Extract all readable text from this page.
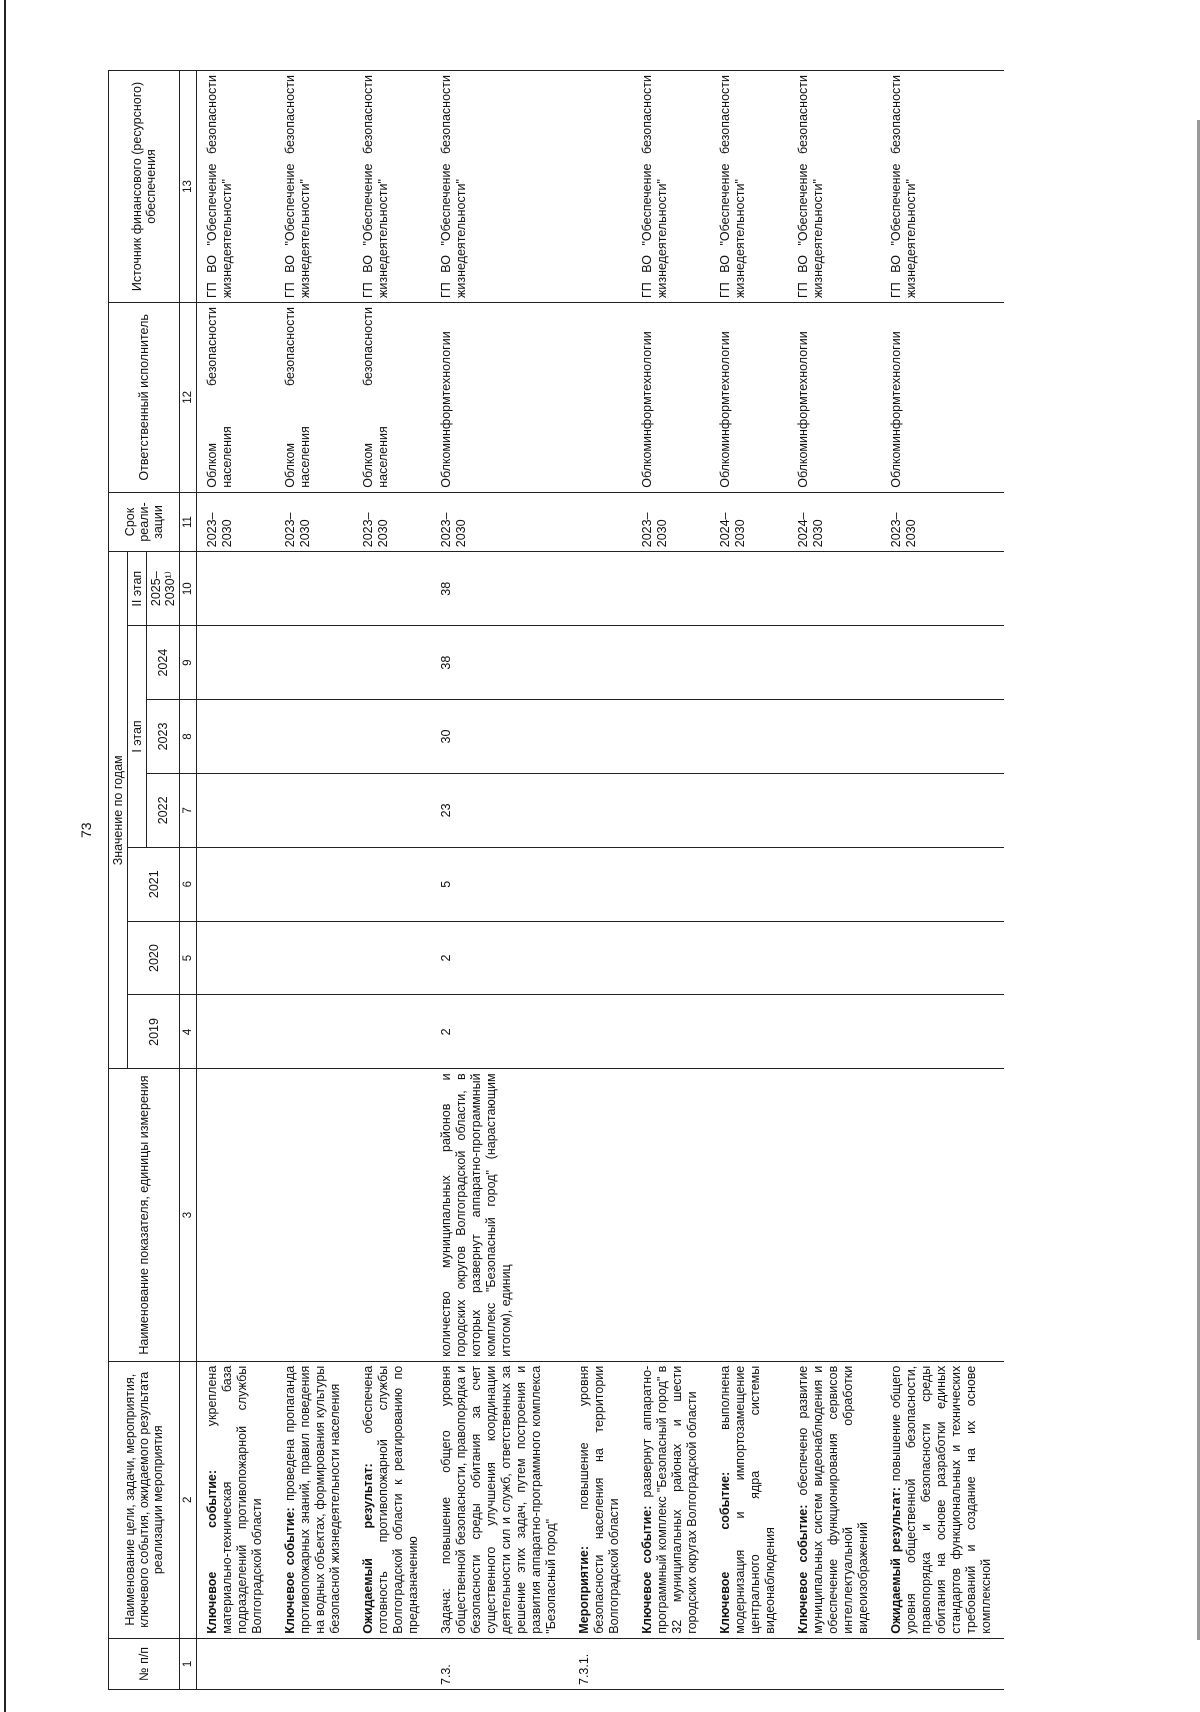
73
№ п/п	Наименование цели, задачи, мероприятия, ключевого события, ожидаемого результата реализации мероприятия	Наименование показателя, единицы измерения	Значение по годам							Срок реали- зации	Ответственный исполнитель	Источник финансового (ресурсного) обеспечения
			2019	2020	2021	I этап			II этап			
						2022	2023	2024	2025– 2030¹⁾			
1	2	3	4	5	6	7	8	9	10	11	12	13
	Ключевое событие: укреплена материально-техническая база подразделений противопожарной службы Волгоградской области									2023– 2030	Облком безопасности населения	ГП ВО "Обеспечение безопасности жизнедеятельности"
	Ключевое событие: проведена пропаганда противопожарных знаний, правил поведения на водных объектах, формирования культуры безопасной жизнедеятельности населения									2023– 2030	Облком безопасности населения	ГП ВО "Обеспечение безопасности жизнедеятельности"
	Ожидаемый результат: обеспечена готовность противопожарной службы Волгоградской области к реагированию по предназначению									2023– 2030	Облком безопасности населения	ГП ВО "Обеспечение безопасности жизнедеятельности"
7.3.	Задача: повышение общего уровня общественной безопасности, правопорядка и безопасности среды обитания за счет существенного улучшения координации деятельности сил и служб, ответственных за решение этих задач, путем построения и развития аппаратно-программного комплекса "Безопасный город"	количество муниципальных районов и городских округов Волгоградской области, в которых развернут аппаратно-программный комплекс "Безопасный город" (нарастающим итогом), единиц	2	2	5	23	30	38	38	2023– 2030	Облкоминформтехнологии	ГП ВО "Обеспечение безопасности жизнедеятельности"
7.3.1.	Мероприятие: повышение уровня безопасности населения на территории Волгоградской области											
	Ключевое событие: развернут аппаратно-программный комплекс "Безопасный город" в 32 муниципальных районах и шести городских округах Волгоградской области									2023– 2030	Облкоминформтехнологии	ГП ВО "Обеспечение безопасности жизнедеятельности"
	Ключевое событие: выполнена модернизация и импортозамещение центрального ядра системы видеонаблюдения									2024– 2030	Облкоминформтехнологии	ГП ВО "Обеспечение безопасности жизнедеятельности"
	Ключевое событие: обеспечено развитие муниципальных систем видеонаблюдения и обеспечение функционирования сервисов интеллектуальной обработки видеоизображений									2024– 2030	Облкоминформтехнологии	ГП ВО "Обеспечение безопасности жизнедеятельности"
	Ожидаемый результат: повышение общего уровня общественной безопасности, правопорядка и безопасности среды обитания на основе разработки единых стандартов функциональных и технических требований и создание на их основе комплексной									2023– 2030	Облкоминформтехнологии	ГП ВО "Обеспечение безопасности жизнедеятельности"
